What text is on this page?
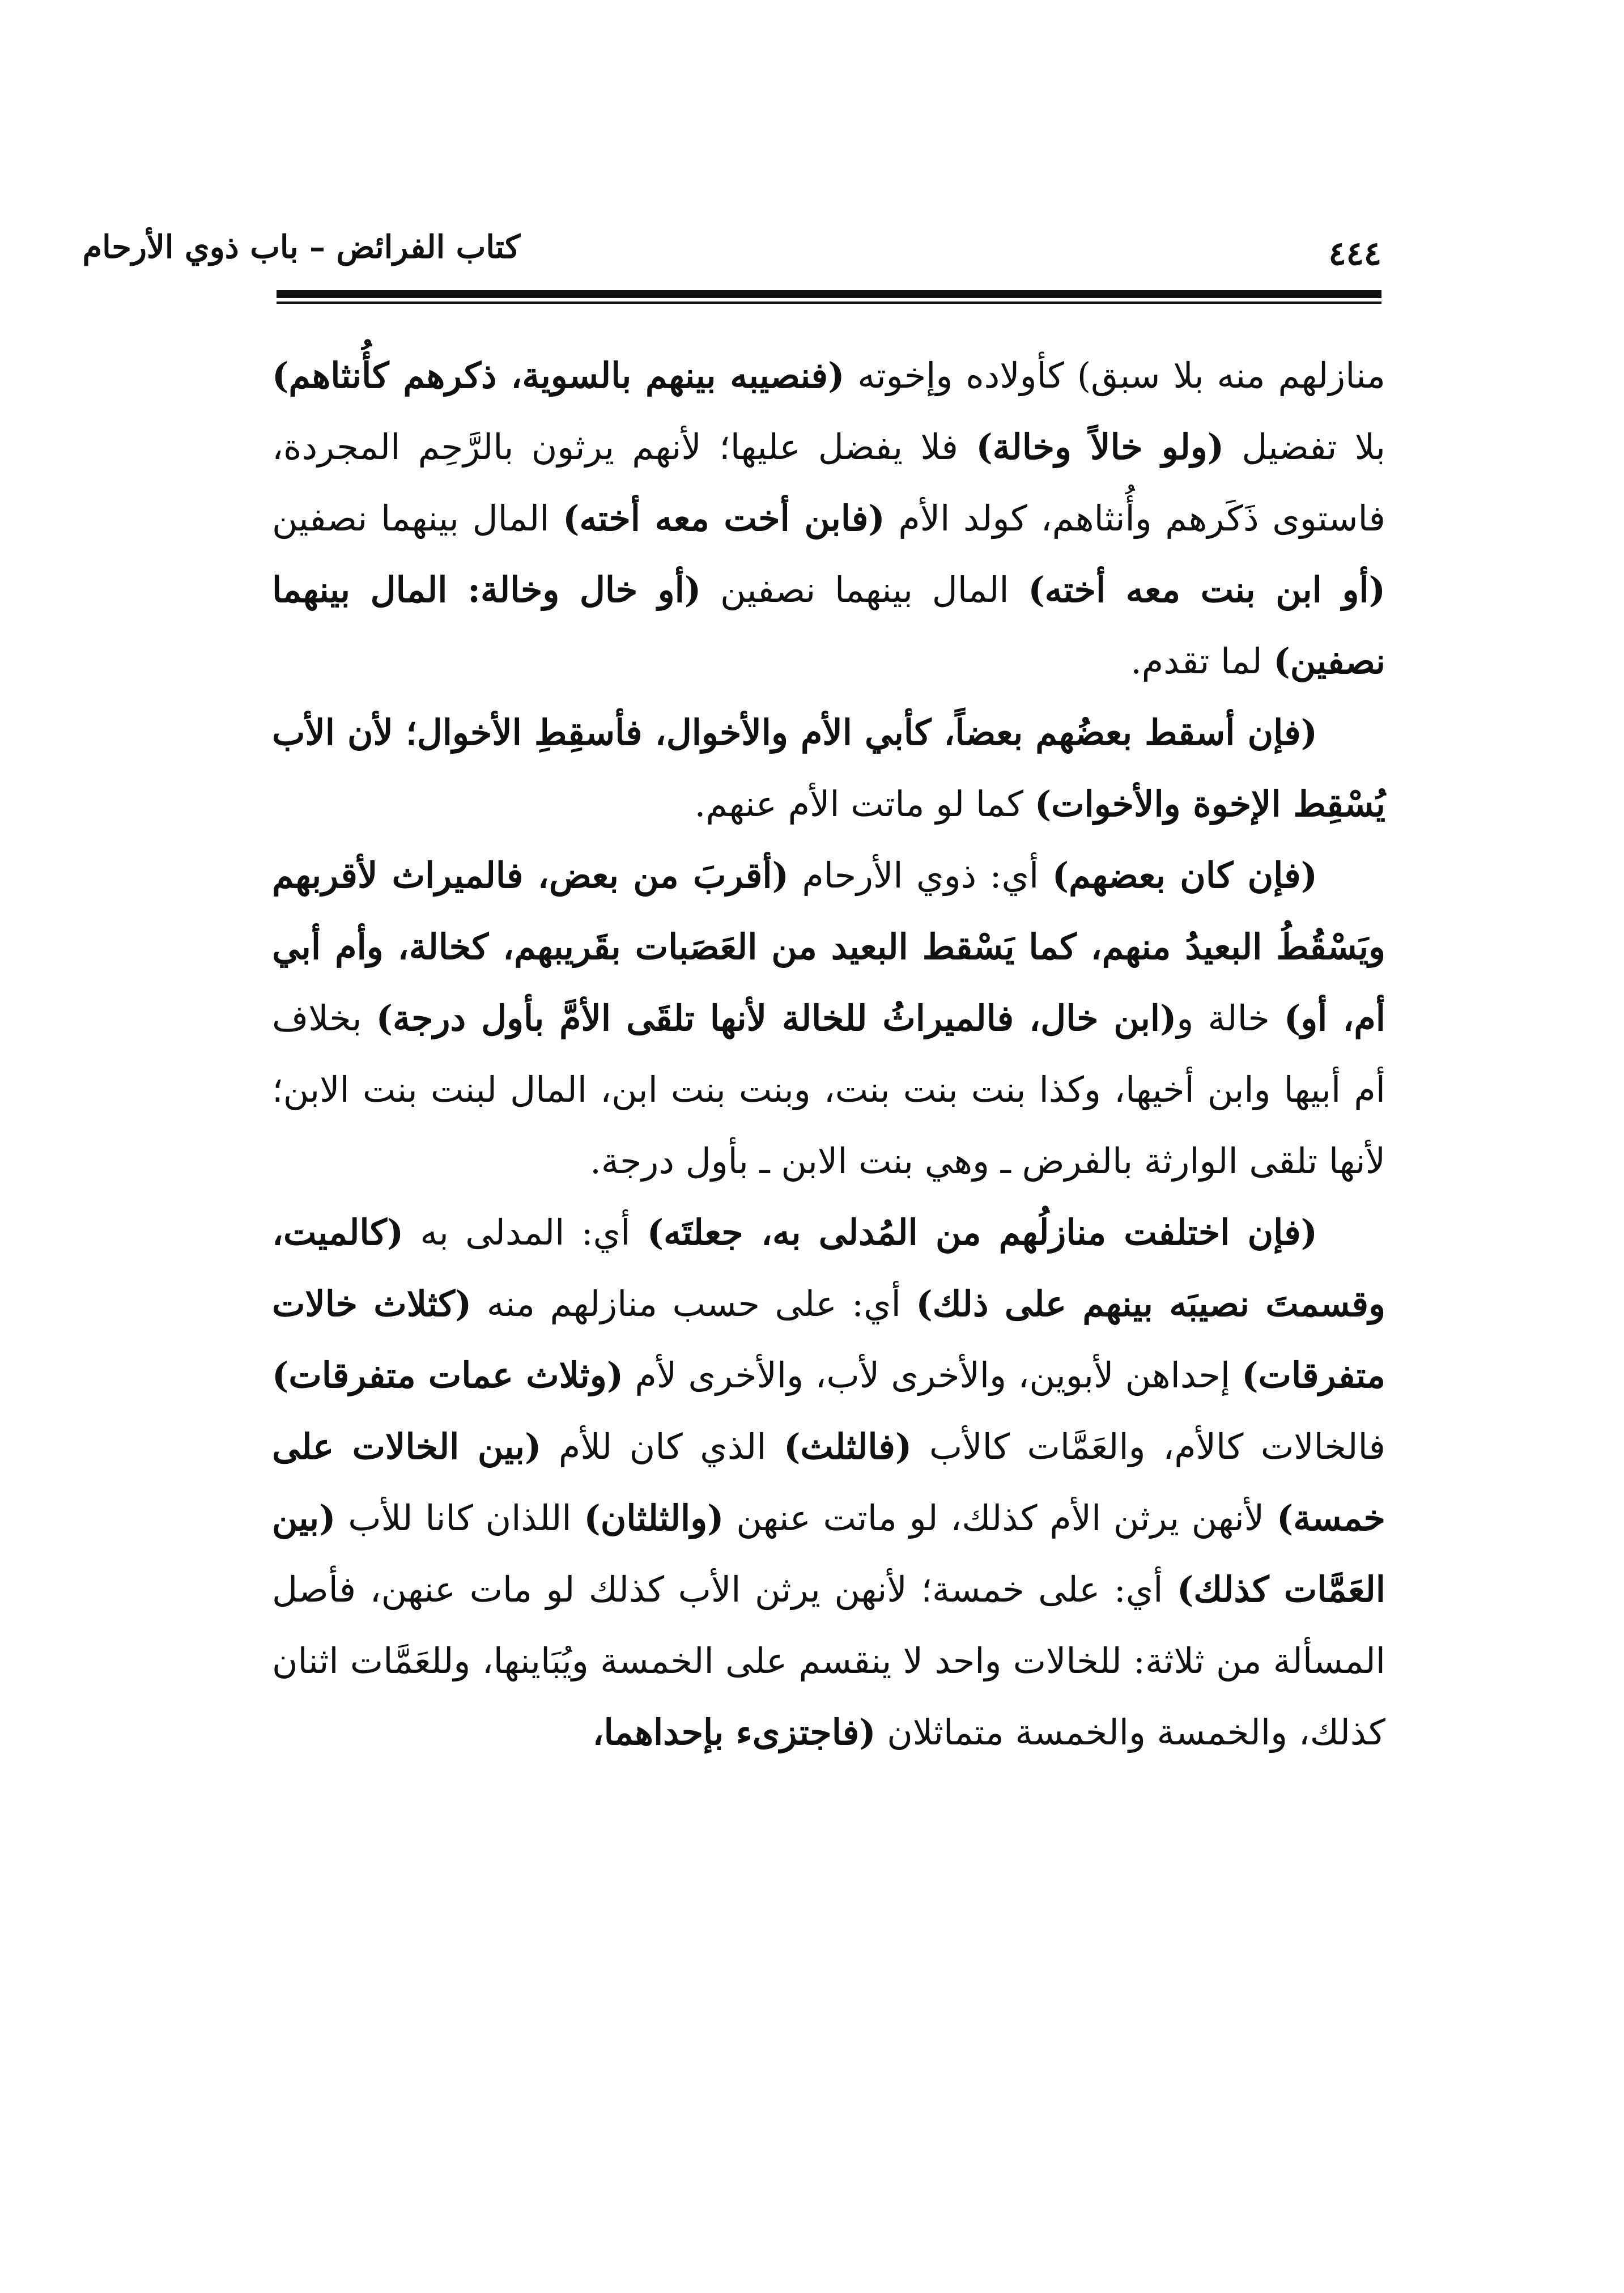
كتاب الفرائض – باب ذوي الأرحام	٤٤٤

منازلهم منه بلا سبق) كأولاده وإخوته (فنصيبه بينهم بالسوية، ذكرهم كأُنثاهم) بلا تفضيل (ولو خالاً وخالة) فلا يفضل عليها؛ لأنهم يرثون بالرَّحِم المجردة، فاستوى ذَكَرهم وأُنثاهم، كولد الأم (فابن أخت معه أخته) المال بينهما نصفين (أو ابن بنت معه أخته) المال بينهما نصفين (أو خال وخالة: المال بينهما نصفين) لما تقدم.

(فإن أسقط بعضُهم بعضاً، كأبي الأم والأخوال، فأسقِطِ الأخوال؛ لأن الأب يُسْقِط الإخوة والأخوات) كما لو ماتت الأم عنهم.

(فإن كان بعضهم) أي: ذوي الأرحام (أقربَ من بعض، فالميراث لأقربهم ويَسْقُطُ البعيدُ منهم، كما يَسْقط البعيد من العَصَبات بقَريبهم، كخالة، وأم أبي أم، أو) خالة و(ابن خال، فالميراثُ للخالة لأنها تلقَى الأمَّ بأول درجة) بخلاف أم أبيها وابن أخيها، وكذا بنت بنت بنت، وبنت بنت ابن، المال لبنت بنت الابن؛ لأنها تلقى الوارثة بالفرض ـ وهي بنت الابن ـ بأول درجة.

(فإن اختلفت منازلُهم من المُدلى به، جعلتَه) أي: المدلى به (كالميت، وقسمتَ نصيبَه بينهم على ذلك) أي: على حسب منازلهم منه (كثلاث خالات متفرقات) إحداهن لأبوين، والأخرى لأب، والأخرى لأم (وثلاث عمات متفرقات) فالخالات كالأم، والعَمَّات كالأب (فالثلث) الذي كان للأم (بين الخالات على خمسة) لأنهن يرثن الأم كذلك، لو ماتت عنهن (والثلثان) اللذان كانا للأب (بين العَمَّات كذلك) أي: على خمسة؛ لأنهن يرثن الأب كذلك لو مات عنهن، فأصل المسألة من ثلاثة: للخالات واحد لا ينقسم على الخمسة ويُبَاينها، وللعَمَّات اثنان كذلك، والخمسة والخمسة متماثلان (فاجتزىء بإحداهما،
